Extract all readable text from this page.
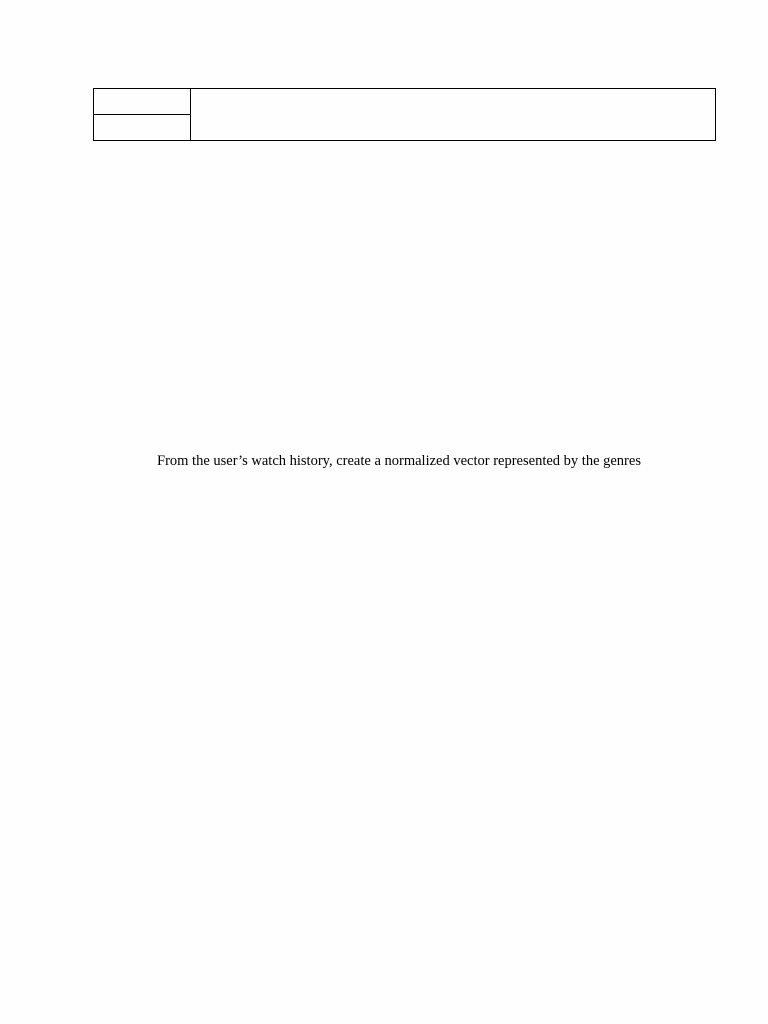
From the user’s watch history, create a normalized vector represented by the genres
